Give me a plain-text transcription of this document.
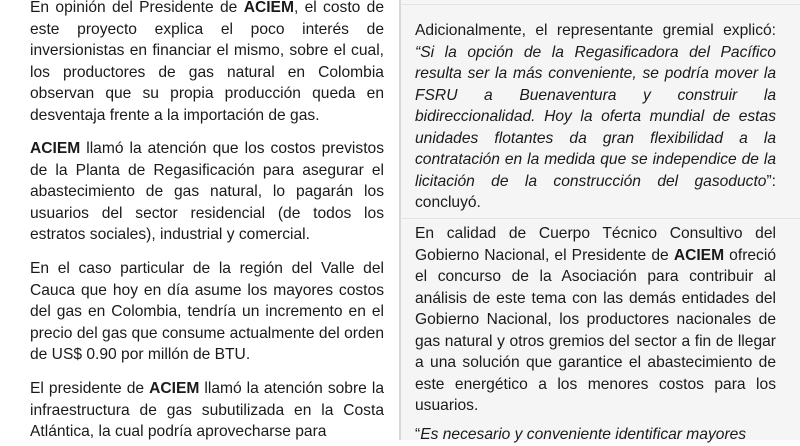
En opinión del Presidente de ACIEM, el costo de este proyecto explica el poco interés de inversionistas en financiar el mismo, sobre el cual, los productores de gas natural en Colombia observan que su propia producción queda en desventaja frente a la importación de gas.

ACIEM llamó la atención que los costos previstos de la Planta de Regasificación para asegurar el abastecimiento de gas natural, lo pagarán los usuarios del sector residencial (de todos los estratos sociales), industrial y comercial.

En el caso particular de la región del Valle del Cauca que hoy en día asume los mayores costos del gas en Colombia, tendría un incremento en el precio del gas que consume actualmente del orden de US$ 0.90 por millón de BTU.

El presidente de ACIEM llamó la atención sobre la infraestructura de gas subutilizada en la Costa Atlántica, la cual podría aprovecharse para

Adicionalmente, el representante gremial explicó: “Si la opción de la Regasificadora del Pacífico resulta ser la más conveniente, se podría mover la FSRU a Buenaventura y construir la bidireccionalidad. Hoy la oferta mundial de estas unidades flotantes da gran flexibilidad a la contratación en la medida que se independice de la licitación de la construcción del gasoducto”: concluyó.

En calidad de Cuerpo Técnico Consultivo del Gobierno Nacional, el Presidente de ACIEM ofreció el concurso de la Asociación para contribuir al análisis de este tema con las demás entidades del Gobierno Nacional, los productores nacionales de gas natural y otros gremios del sector a fin de llegar a una solución que garantice el abastecimiento de este energético a los menores costos para los usuarios.

“Es necesario y conveniente identificar mayores
